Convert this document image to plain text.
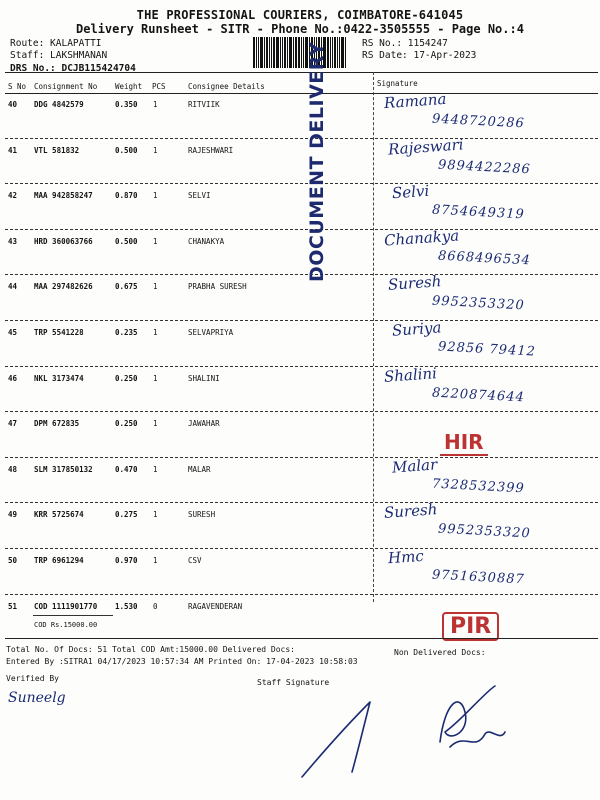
THE PROFESSIONAL COURIERS, COIMBATORE-641045
Delivery Runsheet - SITR - Phone No.:0422-3505555 - Page No.:4
Route: KALAPATTI
Staff: LAKSHMANAN
DRS No.: DCJB115424704
RS No.: 1154247
RS Date: 17-Apr-2023
S No Consignment No Weight PCS	Consignee Details	Signature
40 DDG 4842579	0.350 1	RITVIIK	Ramana
9448720286
41 VTL 581832	0.500 1	RAJESHWARI	Rajeswari
9894422286
42 MAA 942858247	0.870 1	SELVI	Selvi
8754649319
43 HRD 360063766	0.500 1	CHANAKYA	Chanakya
8668496534
44 MAA 297482626	0.675 1	PRABHA SURESH	Suresh
9952353320
45 TRP 5541228	0.235 1	SELVAPRIYA	Suriya
92856 79412
46 NKL 3173474	0.250 1	SHALINI	Shalini
8220874644
47 DPM 672835	0.250 1	JAWAHAR
48 SLM 317850132	0.470 1	MALAR	Malar
7328532399
49 KRR 5725674	0.275 1	SURESH	Suresh
9952353320
50 TRP 6961294	0.970 1	CSV	Hmc
9751630887
51 COD 1111901770 1.530 0	RAGAVENDERAN
COD Rs.15000.00
DOCUMENT DELIVERY
HIR
PIR
Total No. Of Docs: 51 Total COD Amt:15000.00 Delivered Docs:	Non Delivered Docs:
Entered By :SITRA1 04/17/2023 10:57:34 AM Printed On: 17-04-2023 10:58:03
Verified By	Staff Signature
Suneelg
